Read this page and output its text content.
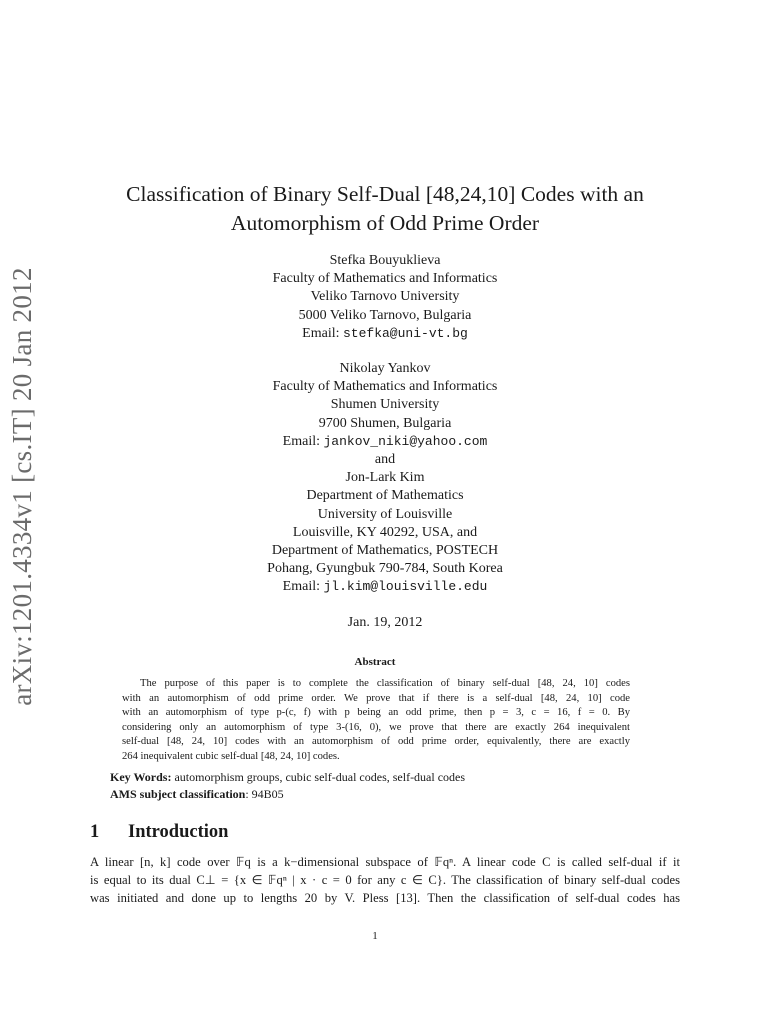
arXiv:1201.4334v1 [cs.IT] 20 Jan 2012
Classification of Binary Self-Dual [48,24,10] Codes with an
Automorphism of Odd Prime Order
Stefka Bouyuklieva
Faculty of Mathematics and Informatics
Veliko Tarnovo University
5000 Veliko Tarnovo, Bulgaria
Email: stefka@uni-vt.bg
Nikolay Yankov
Faculty of Mathematics and Informatics
Shumen University
9700 Shumen, Bulgaria
Email: jankov_niki@yahoo.com
and
Jon-Lark Kim
Department of Mathematics
University of Louisville
Louisville, KY 40292, USA, and
Department of Mathematics, POSTECH
Pohang, Gyungbuk 790-784, South Korea
Email: jl.kim@louisville.edu
Jan. 19, 2012
Abstract
The purpose of this paper is to complete the classification of binary self-dual [48, 24, 10] codes
with an automorphism of odd prime order. We prove that if there is a self-dual [48, 24, 10] code
with an automorphism of type p-(c, f) with p being an odd prime, then p = 3, c = 16, f = 0. By
considering only an automorphism of type 3-(16, 0), we prove that there are exactly 264 inequivalent
self-dual [48, 24, 10] codes with an automorphism of odd prime order, equivalently, there are exactly
264 inequivalent cubic self-dual [48, 24, 10] codes.
Key Words: automorphism groups, cubic self-dual codes, self-dual codes
AMS subject classification: 94B05
1 Introduction
A linear [n, k] code over 𝔽q is a k−dimensional subspace of 𝔽qⁿ. A linear code C is called self-dual if it
is equal to its dual C⊥ = {x ∈ 𝔽qⁿ | x · c = 0 for any c ∈ C}. The classification of binary self-dual codes
was initiated and done up to lengths 20 by V. Pless [13]. Then the classification of self-dual codes has
1
